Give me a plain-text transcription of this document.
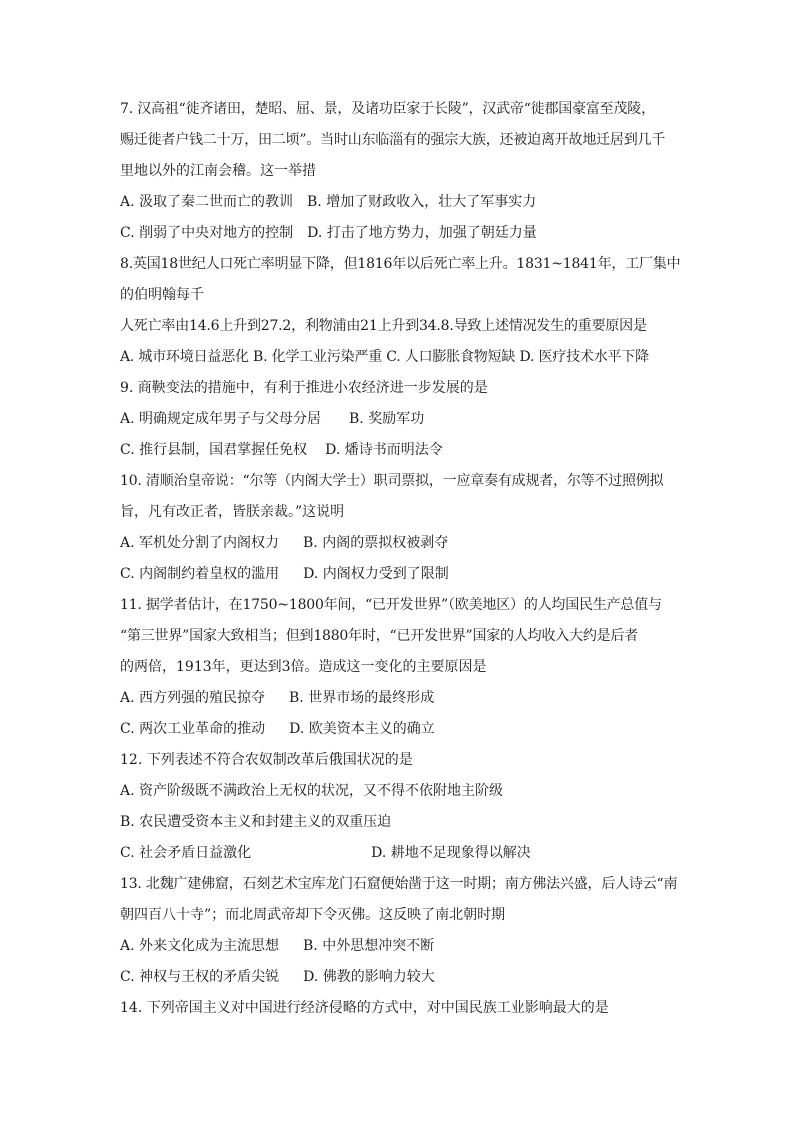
7. 汉高祖“徙齐诸田，楚昭、屈、景，及诸功臣家于长陵”，汉武帝“徙郡国豪富至茂陵，
赐迁徙者户钱二十万，田二顷”。当时山东临淄有的强宗大族，还被迫离开故地迁居到几千
里地以外的江南会稽。这一举措
A. 汲取了秦二世而亡的教训 B. 增加了财政收入，壮大了军事实力
C. 削弱了中央对地方的控制 D. 打击了地方势力，加强了朝廷力量
8.英国18世纪人口死亡率明显下降，但1816年以后死亡率上升。1831~1841年，工厂集中
的伯明翰每千
人死亡率由14.6上升到27.2，利物浦由21上升到34.8.导致上述情况发生的重要原因是
A. 城市环境日益恶化 B. 化学工业污染严重 C. 人口膨胀食物短缺 D. 医疗技术水平下降
9. 商鞅变法的措施中，有利于推进小农经济进一步发展的是
A. 明确规定成年男子与父母分居 B. 奖励军功
C. 推行县制，国君掌握任免权 D. 燔诗书而明法令
10. 清顺治皇帝说：“尔等（内阁大学士）职司票拟，一应章奏有成规者，尔等不过照例拟
旨，凡有改正者，皆朕亲裁。”这说明
A. 军机处分割了内阁权力 B. 内阁的票拟权被剥夺
C. 内阁制约着皇权的滥用 D. 内阁权力受到了限制
11. 据学者估计，在1750~1800年间，“已开发世界”（欧美地区）的人均国民生产总值与
“第三世界”国家大致相当；但到1880年时，“已开发世界”国家的人均收入大约是后者
的两倍，1913年，更达到3倍。造成这一变化的主要原因是
A. 西方列强的殖民掠夺 B. 世界市场的最终形成
C. 两次工业革命的推动 D. 欧美资本主义的确立
12. 下列表述不符合农奴制改革后俄国状况的是
A. 资产阶级既不满政治上无权的状况，又不得不依附地主阶级
B. 农民遭受资本主义和封建主义的双重压迫
C. 社会矛盾日益激化	D. 耕地不足现象得以解决
13. 北魏广建佛窟，石刻艺术宝库龙门石窟便始凿于这一时期；南方佛法兴盛，后人诗云“南
朝四百八十寺”；而北周武帝却下令灭佛。这反映了南北朝时期
A. 外来文化成为主流思想 B. 中外思想冲突不断
C. 神权与王权的矛盾尖锐 D. 佛教的影响力较大
14. 下列帝国主义对中国进行经济侵略的方式中，对中国民族工业影响最大的是
